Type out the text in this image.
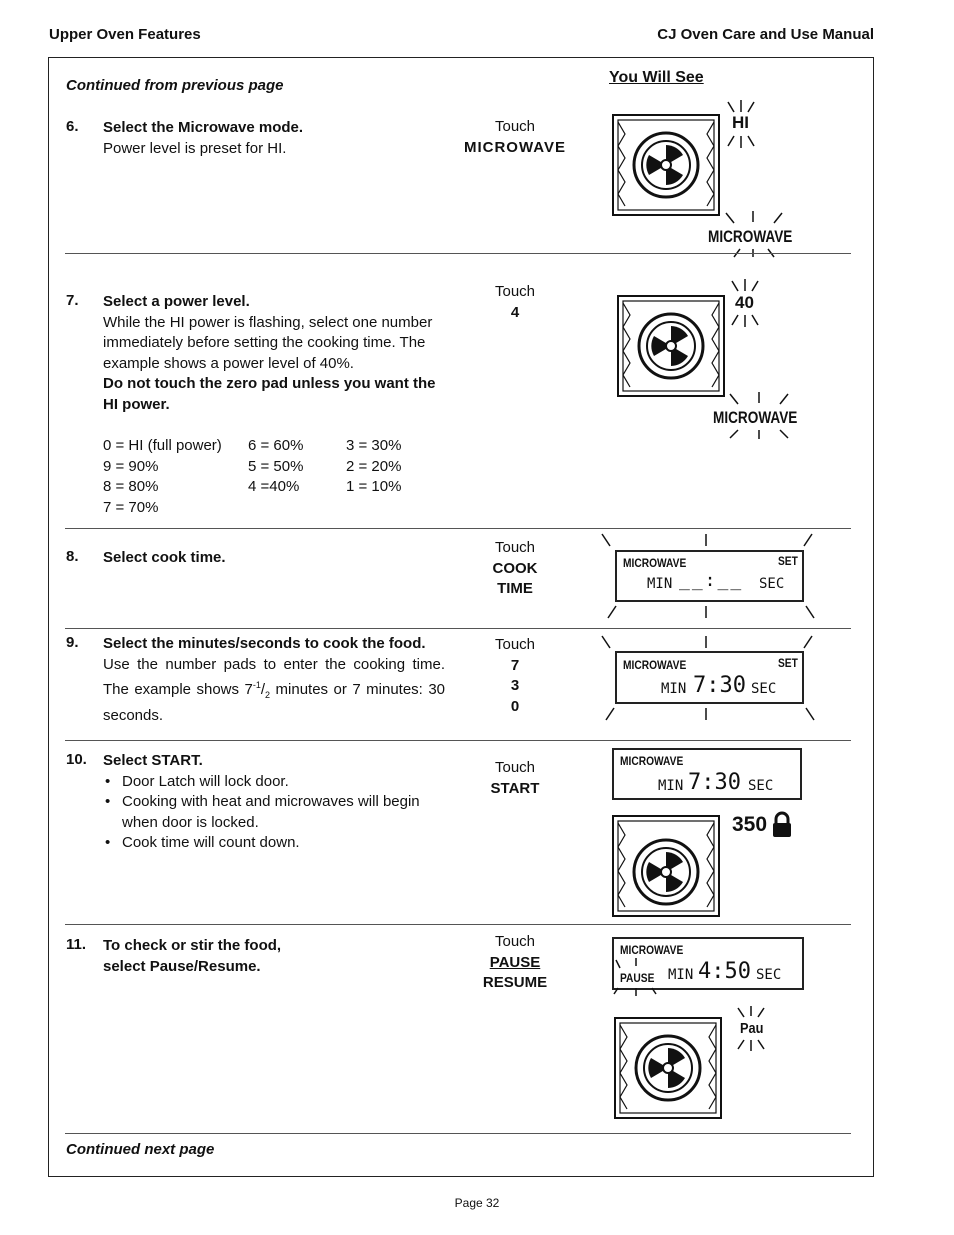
Upper Oven Features	CJ Oven Care and Use Manual
Continued from previous page	You Will See
6. Select the Microwave mode.
Power level is preset for HI.
Touch
MICROWAVE
HI
MICROWAVE
7. Select a power level.
While the HI power is flashing, select one number immediately before setting the cooking time. The example shows a power level of 40%.
Do not touch the zero pad unless you want the HI power.
0 = HI (full power) 6 = 60%	3 = 30%
9 = 90%	5 = 50%	2 = 20%
8 = 80%	4 =40%	1 = 10%
7 = 70%
Touch
4	40
MICROWAVE
8. Select cook time.
Touch
COOK
TIME
MICROWAVE	SET
MIN __:__ SEC
9. Select the minutes/seconds to cook the food.
Use the number pads to enter the cooking time. The example shows $7^{-1}/_2$ minutes or 7 minutes: 30 seconds.
Touch
7
3
0
MICROWAVE	SET
MIN 7:30 SEC
10. Select START.
• Door Latch will lock door.
• Cooking with heat and microwaves will begin when door is locked.
• Cook time will count down.
Touch
START
MICROWAVE
MIN 7:30 SEC
350
11. To check or stir the food, select Pause/Resume.
Touch
PAUSE
RESUME
MICROWAVE
PAUSE MIN 4:50 SEC
Pau
Continued next page
Page 32
